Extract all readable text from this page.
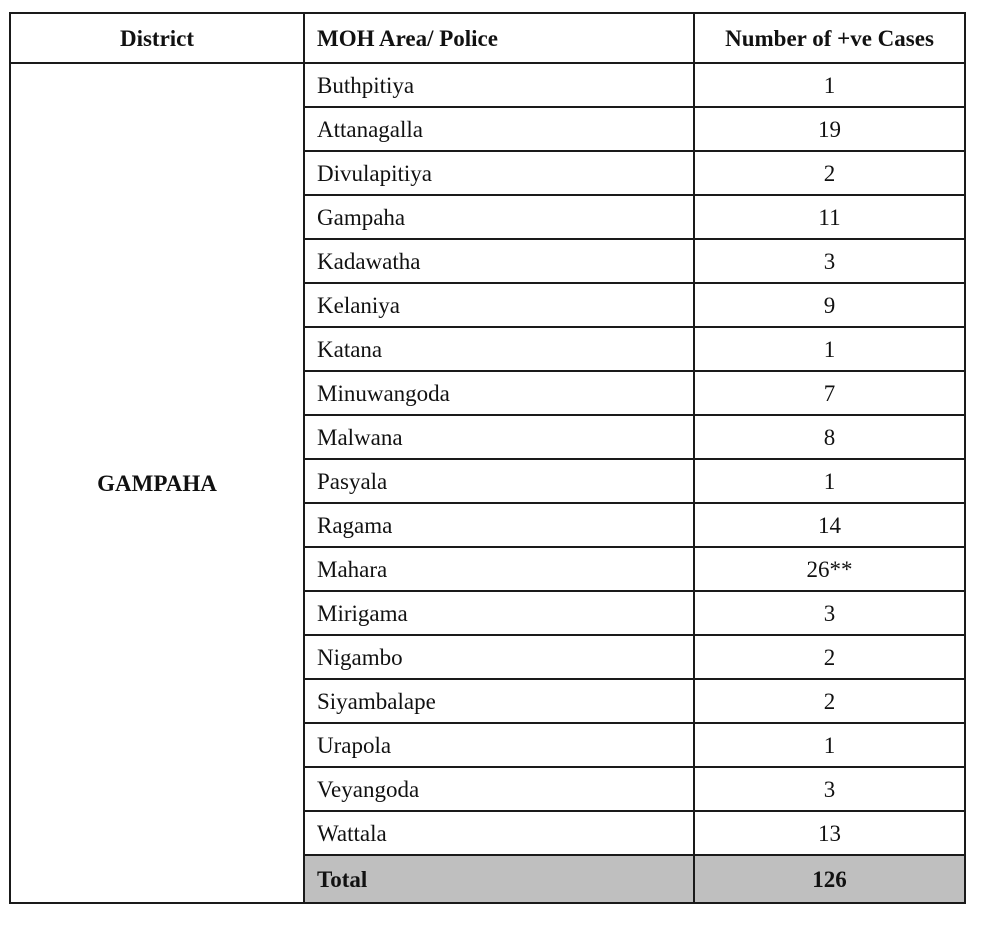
District	MOH Area/ Police	Number of +ve Cases
GAMPAHA	Buthpitiya	1
	Attanagalla	19
	Divulapitiya	2
	Gampaha	11
	Kadawatha	3
	Kelaniya	9
	Katana	1
	Minuwangoda	7
	Malwana	8
	Pasyala	1
	Ragama	14
	Mahara	26**
	Mirigama	3
	Nigambo	2
	Siyambalape	2
	Urapola	1
	Veyangoda	3
	Wattala	13
	Total	126
